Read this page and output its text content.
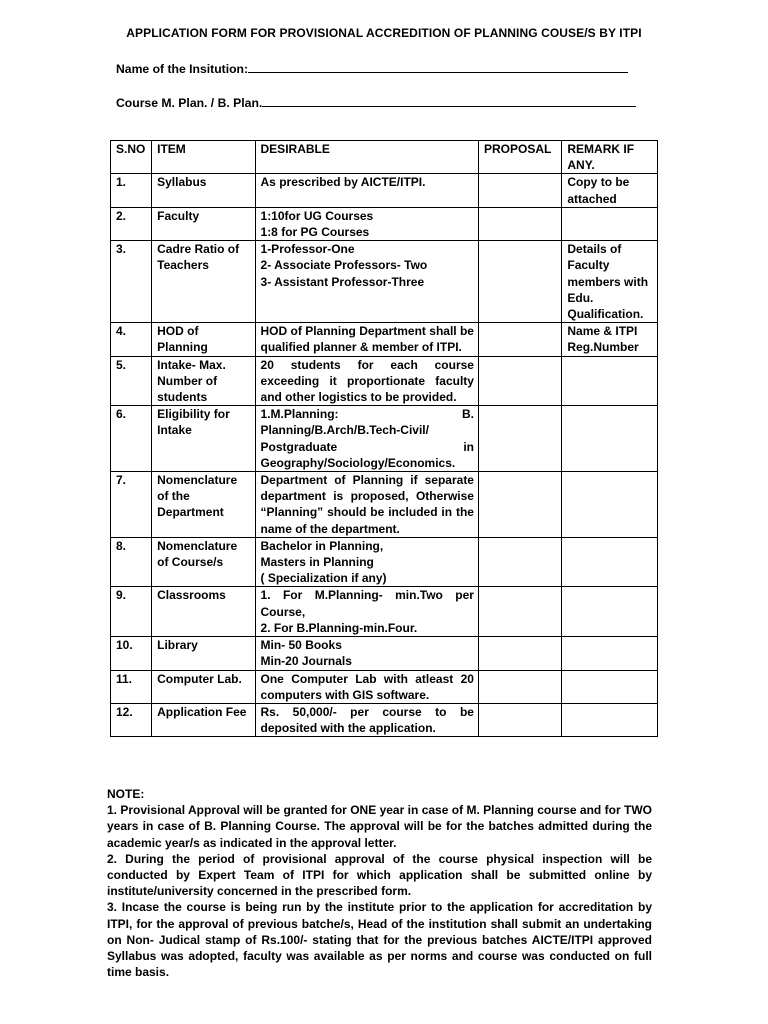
APPLICATION FORM FOR PROVISIONAL ACCREDITION OF PLANNING COUSE/S BY ITPI
Name of the Insitution:
Course M. Plan. / B. Plan.
S.NO	ITEM	DESIRABLE	PROPOSAL	REMARK IF ANY.
1.	Syllabus	As prescribed by AICTE/ITPI.		Copy to be attached
2.	Faculty	1:10for UG Courses
1:8 for PG Courses		

3.	Cadre Ratio of Teachers	1-Professor-One
2- Associate Professors- Two
3- Assistant Professor-Three		Details of Faculty members with Edu. Qualification.
4.	HOD of Planning	HOD of Planning Department shall be qualified planner & member of ITPI.		Name & ITPI Reg.Number
5.	Intake- Max. Number of students	20 students for each course exceeding it proportionate faculty and other logistics to be provided.		

6.	Eligibility for Intake	1.M.Planning: B. Planning/B.Arch/B.Tech-Civil/ Postgraduate in Geography/Sociology/Economics.		

7.	Nomenclature of the Department	Department of Planning if separate department is proposed, Otherwise “Planning” should be included in the name of the department.		

8.	Nomenclature of Course/s	Bachelor in Planning,
Masters in Planning
( Specialization if any)		

9.	Classrooms	1. For M.Planning- min.Two per Course,
2. For B.Planning-min.Four.		

10.	Library	Min- 50 Books
Min-20 Journals		

11.	Computer Lab.	One Computer Lab with atleast 20 computers with GIS software.		

12.	Application Fee	Rs. 50,000/- per course to be deposited with the application.		

NOTE:

1. Provisional Approval will be granted for ONE year in case of M. Planning course and for TWO years in case of B. Planning Course. The approval will be for the batches admitted during the academic year/s as indicated in the approval letter.

2. During the period of provisional approval of the course physical inspection will be conducted by Expert Team of ITPI for which application shall be submitted online by institute/university concerned in the prescribed form.

3. Incase the course is being run by the institute prior to the application for accreditation by ITPI, for the approval of previous batche/s, Head of the institution shall submit an undertaking on Non- Judical stamp of Rs.100/- stating that for the previous batches AICTE/ITPI approved Syllabus was adopted, faculty was available as per norms and course was conducted on full time basis.
